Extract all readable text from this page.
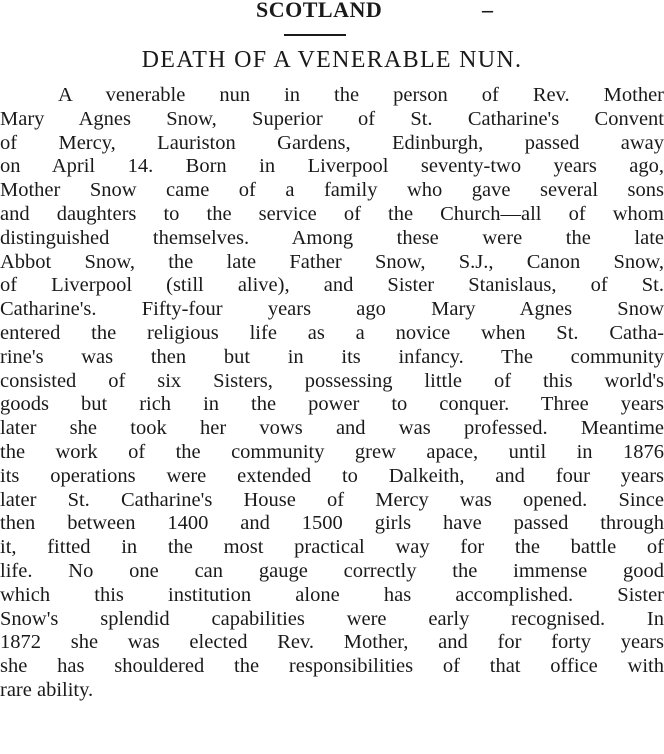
SCOTLAND	–
DEATH OF A VENERABLE NUN.
A venerable nun in the person of Rev. Mother
Mary Agnes Snow, Superior of St. Catharine's Convent
of Mercy, Lauriston Gardens, Edinburgh, passed away
on April 14. Born in Liverpool seventy-two years ago,
Mother Snow came of a family who gave several sons
and daughters to the service of the Church—all of whom
distinguished themselves. Among these were the late
Abbot Snow, the late Father Snow, S.J., Canon Snow,
of Liverpool (still alive), and Sister Stanislaus, of St.
Catharine's. Fifty-four years ago Mary Agnes Snow
entered the religious life as a novice when St. Catha-
rine's was then but in its infancy. The community
consisted of six Sisters, possessing little of this world's
goods but rich in the power to conquer. Three years
later she took her vows and was professed. Meantime
the work of the community grew apace, until in 1876
its operations were extended to Dalkeith, and four years
later St. Catharine's House of Mercy was opened. Since
then between 1400 and 1500 girls have passed through
it, fitted in the most practical way for the battle of
life. No one can gauge correctly the immense good
which this institution alone has accomplished. Sister
Snow's splendid capabilities were early recognised. In
1872 she was elected Rev. Mother, and for forty years
she has shouldered the responsibilities of that office with
rare ability.
